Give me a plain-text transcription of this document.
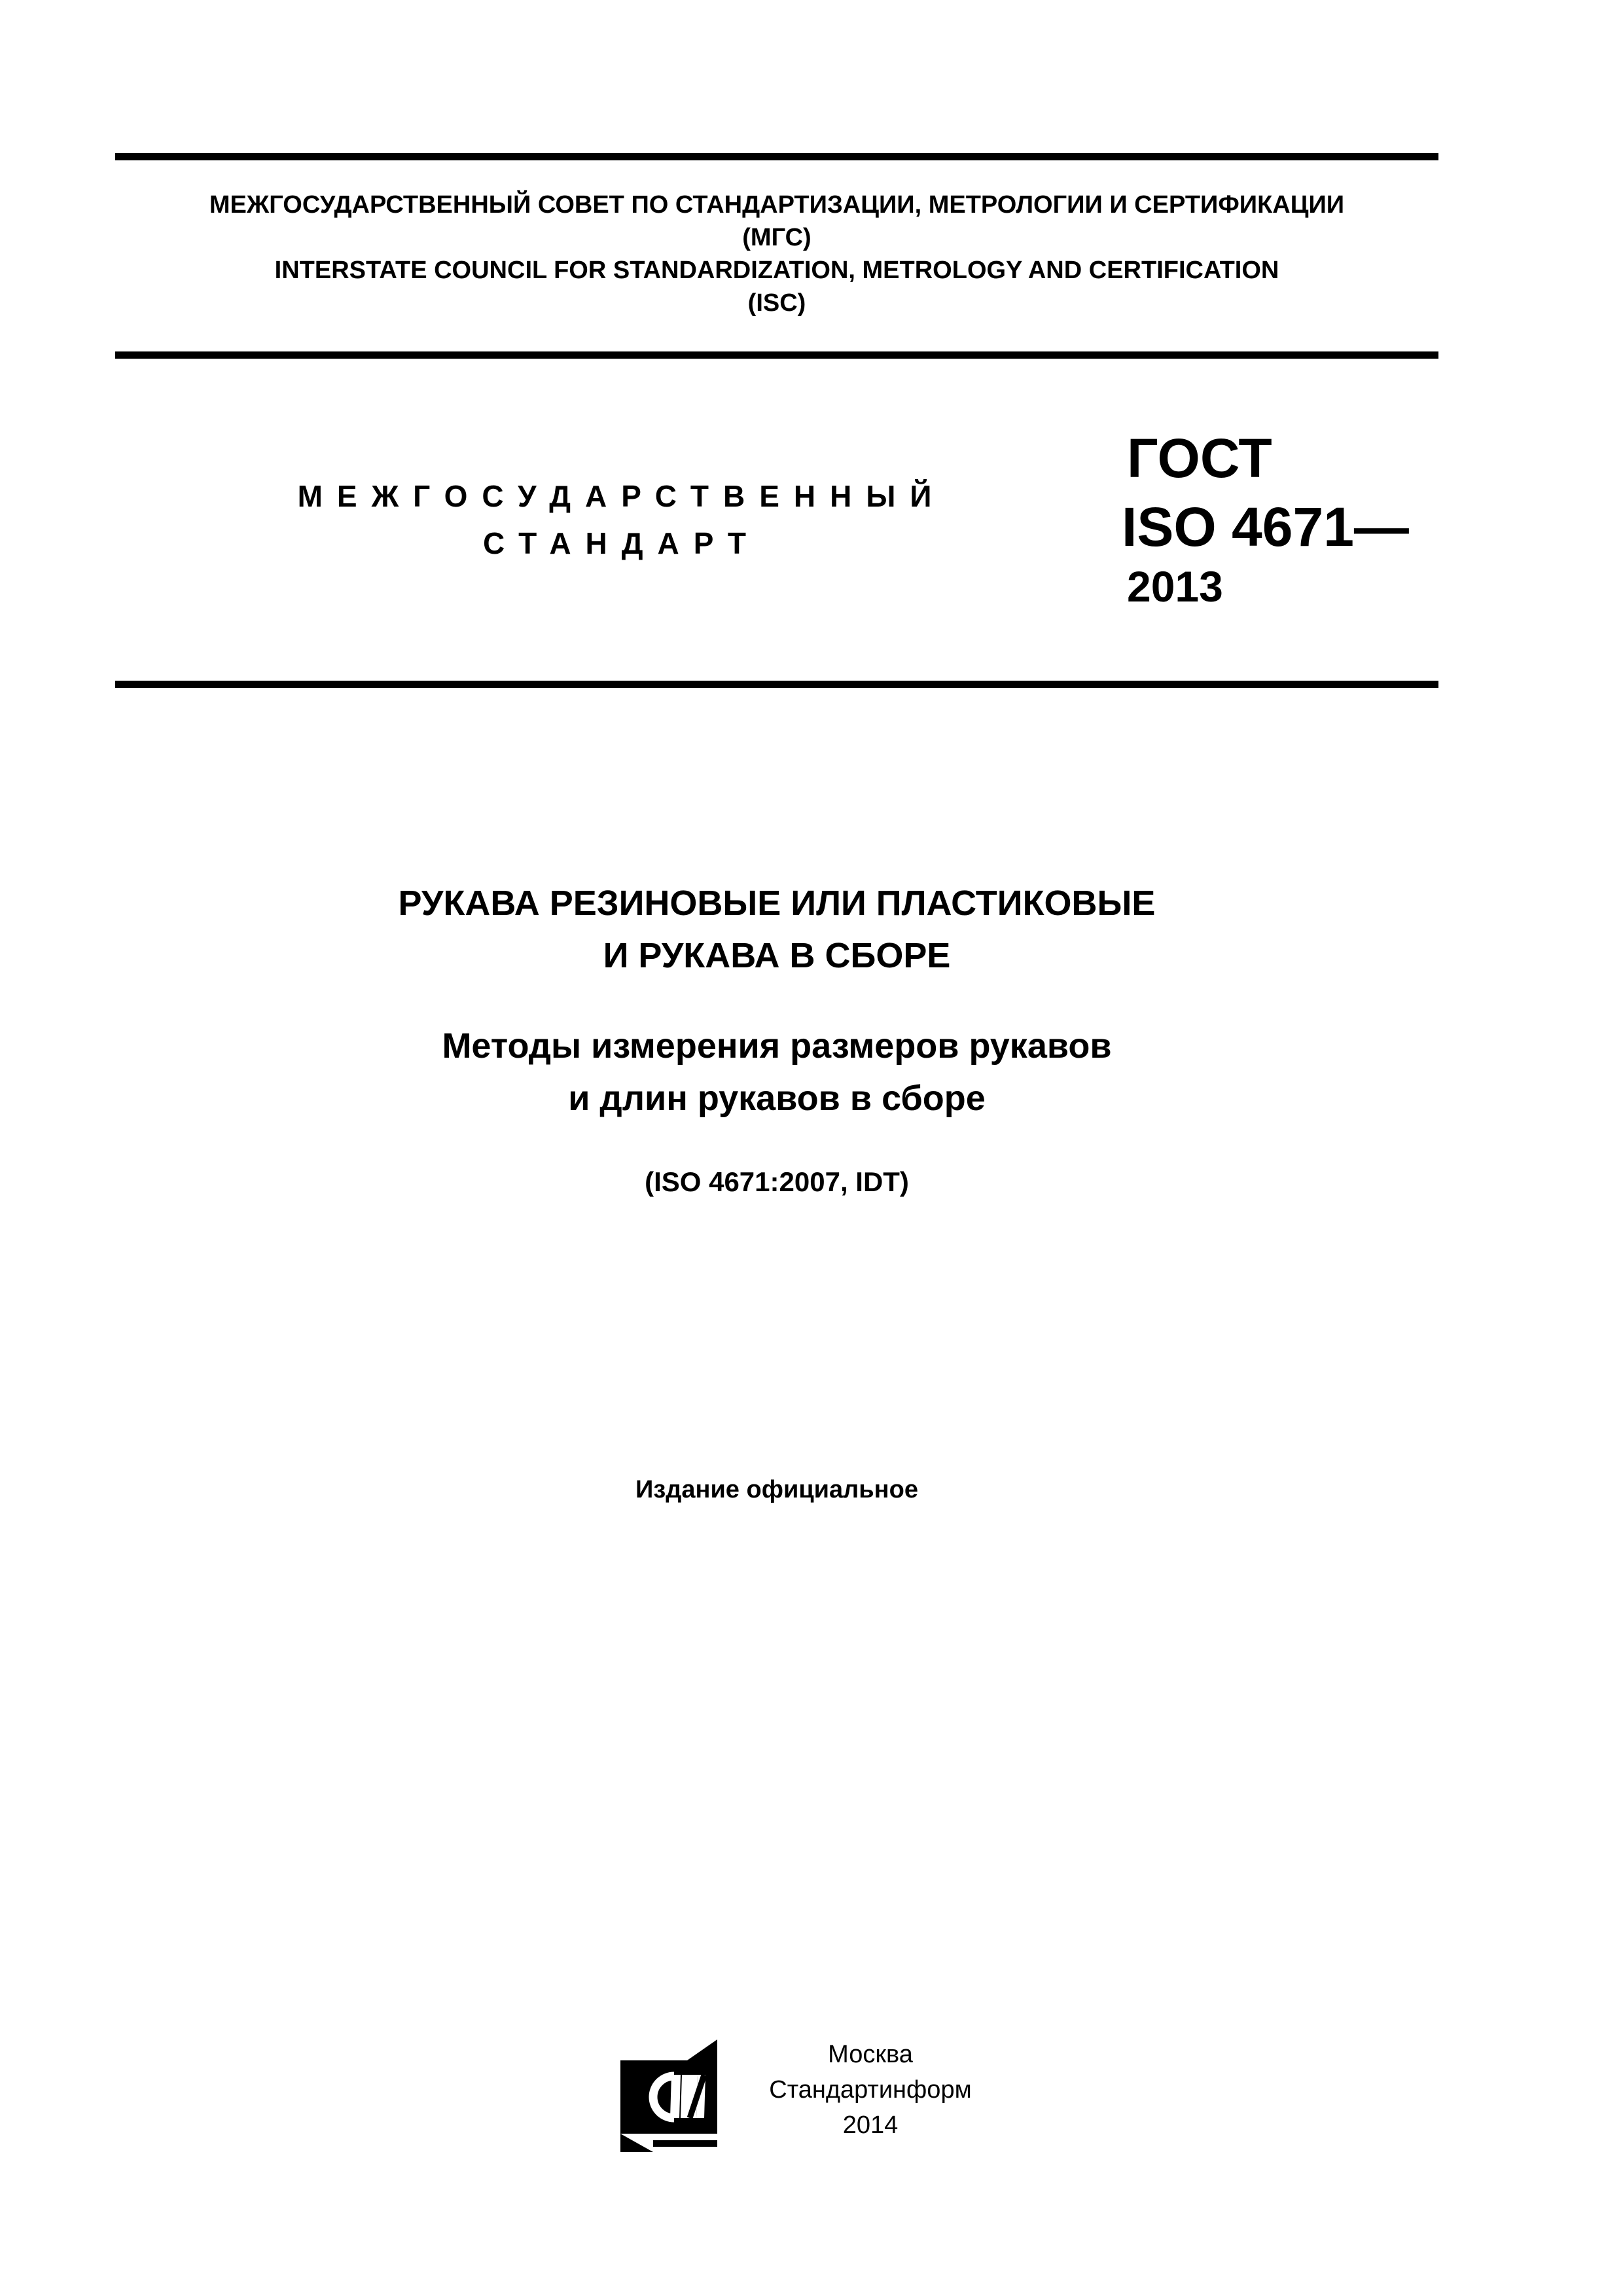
МЕЖГОСУДАРСТВЕННЫЙ СОВЕТ ПО СТАНДАРТИЗАЦИИ, МЕТРОЛОГИИ И СЕРТИФИКАЦИИ
(МГС)
INTERSTATE COUNCIL FOR STANDARDIZATION, METROLOGY AND CERTIFICATION
(ISC)
МЕЖГОСУДАРСТВЕННЫЙ
СТАНДАРТ
ГОСТ
ISO 4671—
2013
РУКАВА РЕЗИНОВЫЕ ИЛИ ПЛАСТИКОВЫЕ
И РУКАВА В СБОРЕ
Методы измерения размеров рукавов
и длин рукавов в сборе
(ISO 4671:2007, IDT)
Издание официальное
Москва
Стандартинформ
2014
